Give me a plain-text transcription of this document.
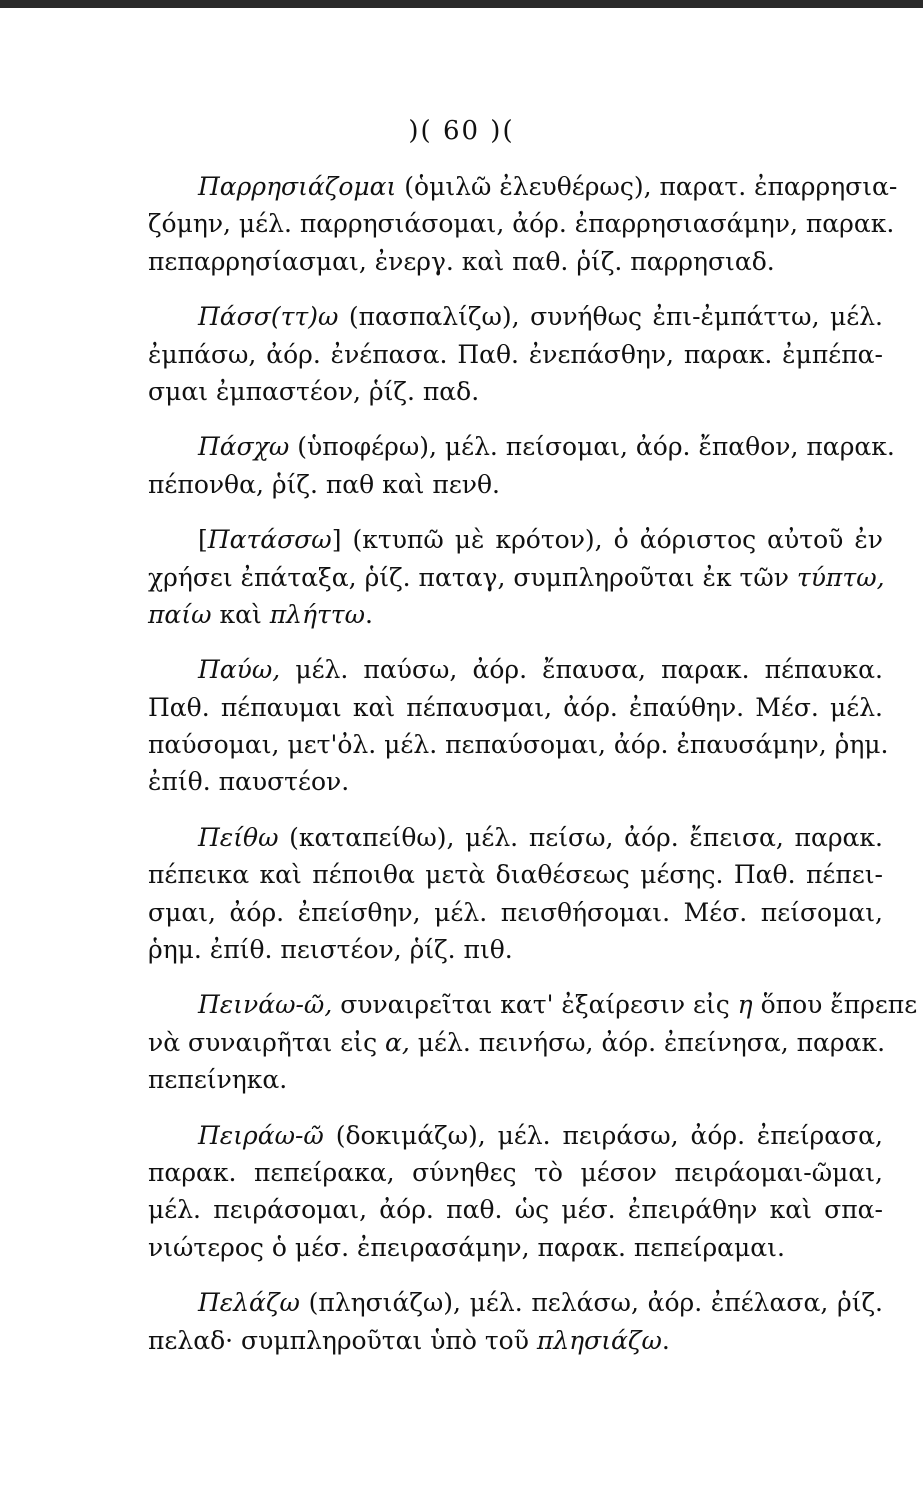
)( 60 )(
Παρρησιάζομαι (ὁμιλῶ ἐλευθέρως), παρατ. ἐπαρρησια-
ζόμην, μέλ. παρρησιάσομαι, ἀόρ. ἐπαρρησιασάμην, παρακ.
πεπαρρησίασμαι, ἐνεργ. καὶ παθ. ῥίζ. παρρησιαδ.
Πάσσ(ττ)ω (πασπαλίζω), συνήθως ἐπι-ἐμπάττω, μέλ.
ἐμπάσω, ἀόρ. ἐνέπασα. Παθ. ἐνεπάσθην, παρακ. ἐμπέπα-
σμαι ἐμπαστέον, ῥίζ. παδ.
Πάσχω (ὑποφέρω), μέλ. πείσομαι, ἀόρ. ἔπαθον, παρακ.
πέπονθα, ῥίζ. παθ καὶ πενθ.
[Πατάσσω] (κτυπῶ μὲ κρότον), ὁ ἀόριστος αὐτοῦ ἐν
χρήσει ἐπάταξα, ῥίζ. παταγ, συμπληροῦται ἐκ τῶν τύπτω,
παίω καὶ πλήττω.
Παύω, μέλ. παύσω, ἀόρ. ἔπαυσα, παρακ. πέπαυκα.
Παθ. πέπαυμαι καὶ πέπαυσμαι, ἀόρ. ἐπαύθην. Μέσ. μέλ.
παύσομαι, μετ'ὀλ. μέλ. πεπαύσομαι, ἀόρ. ἐπαυσάμην, ῥημ.
ἐπίθ. παυστέον.
Πείθω (καταπείθω), μέλ. πείσω, ἀόρ. ἔπεισα, παρακ.
πέπεικα καὶ πέποιθα μετὰ διαθέσεως μέσης. Παθ. πέπει-
σμαι, ἀόρ. ἐπείσθην, μέλ. πεισθήσομαι. Μέσ. πείσομαι,
ῥημ. ἐπίθ. πειστέον, ῥίζ. πιθ.
Πεινάω-ῶ, συναιρεῖται κατ' ἐξαίρεσιν εἰς η ὅπου ἔπρεπε
νὰ συναιρῆται εἰς α, μέλ. πεινήσω, ἀόρ. ἐπείνησα, παρακ.
πεπείνηκα.
Πειράω-ῶ (δοκιμάζω), μέλ. πειράσω, ἀόρ. ἐπείρασα,
παρακ. πεπείρακα, σύνηθες τὸ μέσον πειράομαι-ῶμαι,
μέλ. πειράσομαι, ἀόρ. παθ. ὡς μέσ. ἐπειράθην καὶ σπα-
νιώτερος ὁ μέσ. ἐπειρασάμην, παρακ. πεπείραμαι.
Πελάζω (πλησιάζω), μέλ. πελάσω, ἀόρ. ἐπέλασα, ῥίζ.
πελαδ· συμπληροῦται ὑπὸ τοῦ πλησιάζω.
